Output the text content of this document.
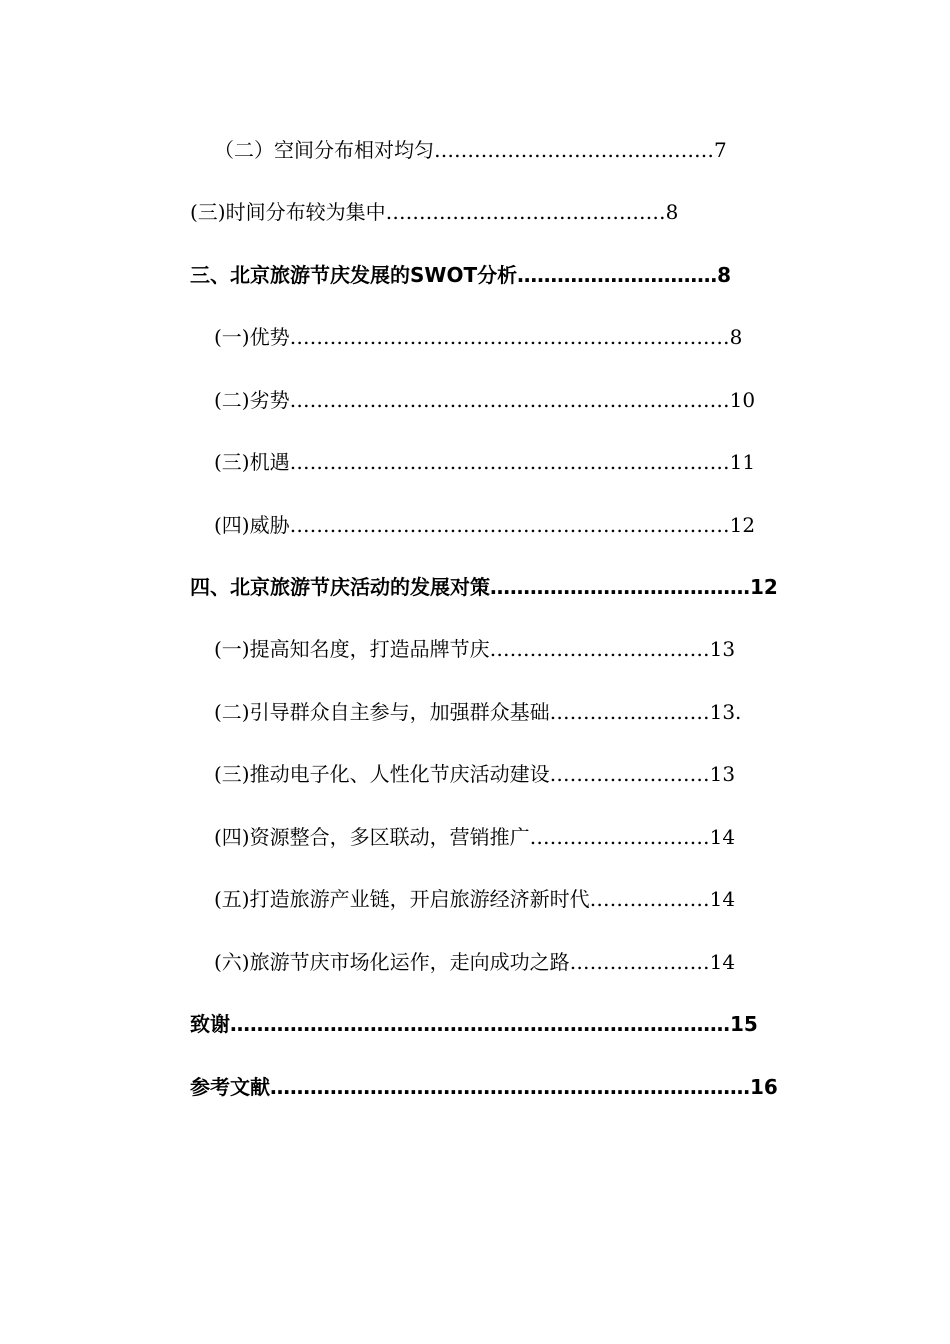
（二）空间分布相对均匀……………………………………7
(三)时间分布较为集中……………………………………8
三、北京旅游节庆发展的SWOT分析…………………………8
(一)优势…………………………………………………………8
(二)劣势…………………………………………………………10
(三)机遇…………………………………………………………11
(四)威胁…………………………………………………………12
四、北京旅游节庆活动的发展对策…………………………………12
(一)提高知名度，打造品牌节庆……………………………13
(二)引导群众自主参与，加强群众基础……………………13.
(三)推动电子化、人性化节庆活动建设……………………13
(四)资源整合，多区联动，营销推广………………………14
(五)打造旅游产业链，开启旅游经济新时代………………14
(六)旅游节庆市场化运作，走向成功之路…………………14
致谢…………………………………………………………………15
参考文献………………………………………………………………16
